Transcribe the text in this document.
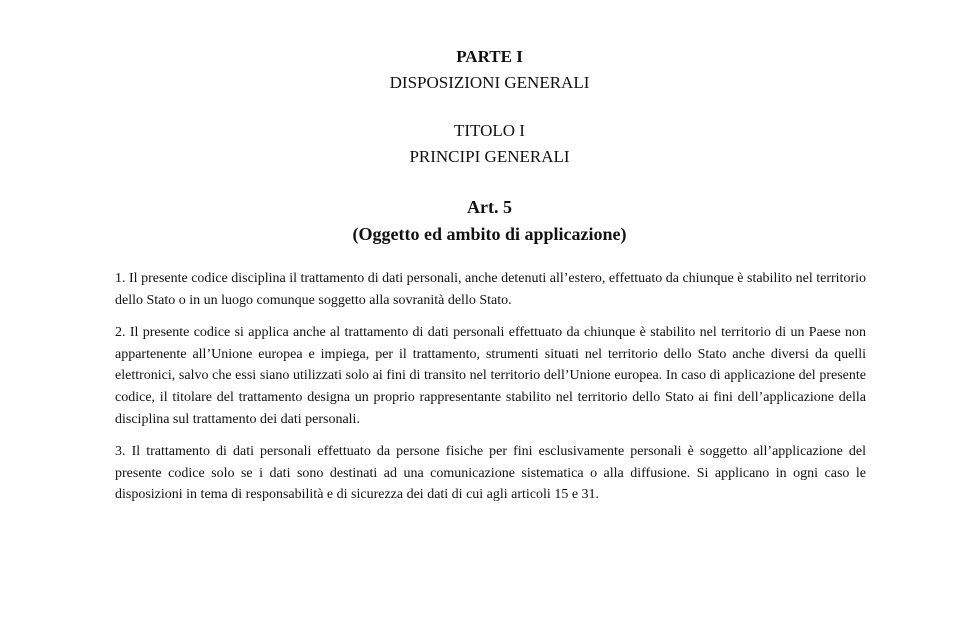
PARTE I
DISPOSIZIONI GENERALI
TITOLO I
PRINCIPI GENERALI
Art. 5
(Oggetto ed ambito di applicazione)

1. Il presente codice disciplina il trattamento di dati personali, anche detenuti all’estero, effettuato da chiunque è stabilito nel territorio dello Stato o in un luogo comunque soggetto alla sovranità dello Stato.

2. Il presente codice si applica anche al trattamento di dati personali effettuato da chiunque è stabilito nel territorio di un Paese non appartenente all’Unione europea e impiega, per il trattamento, strumenti situati nel territorio dello Stato anche diversi da quelli elettronici, salvo che essi siano utilizzati solo ai fini di transito nel territorio dell’Unione europea. In caso di applicazione del presente codice, il titolare del trattamento designa un proprio rappresentante stabilito nel territorio dello Stato ai fini dell’applicazione della disciplina sul trattamento dei dati personali.

3. Il trattamento di dati personali effettuato da persone fisiche per fini esclusivamente personali è soggetto all’applicazione del presente codice solo se i dati sono destinati ad una comunicazione sistematica o alla diffusione. Si applicano in ogni caso le disposizioni in tema di responsabilità e di sicurezza dei dati di cui agli articoli 15 e 31.
